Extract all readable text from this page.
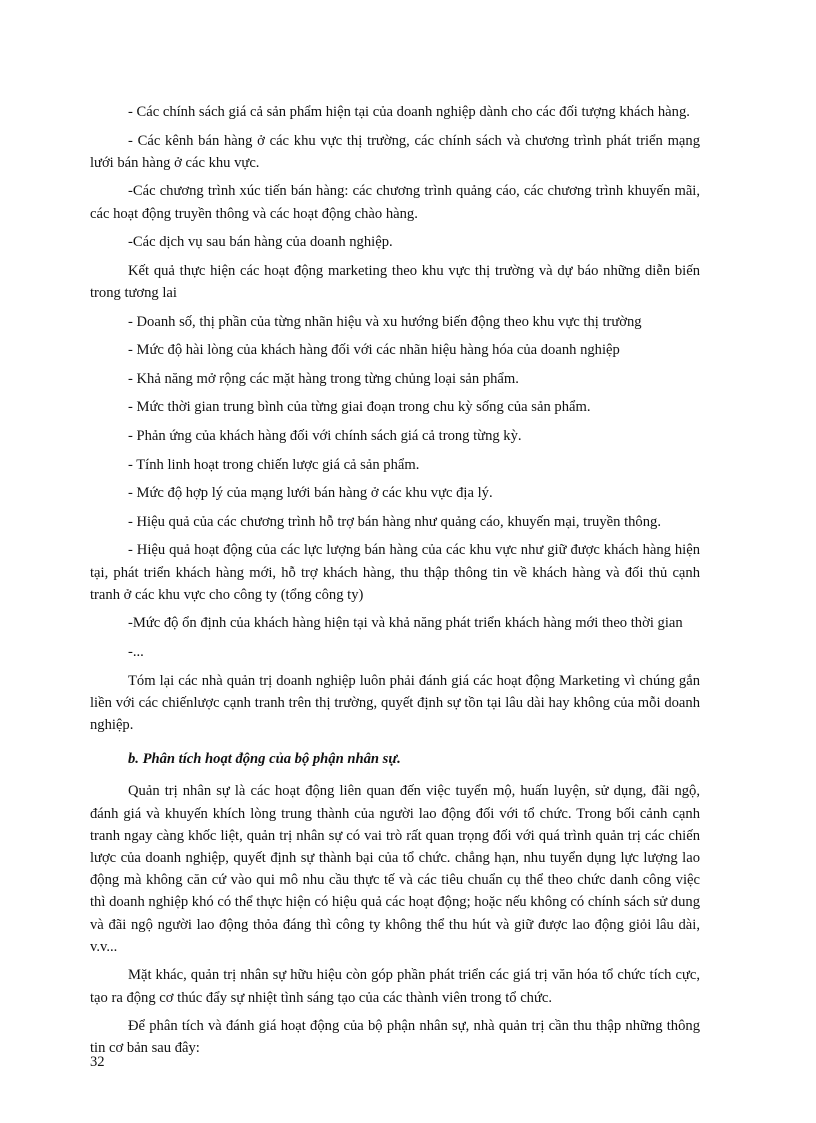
- Các chính sách giá cả sản phẩm hiện tại của doanh nghiệp dành cho các đối tượng khách hàng.

- Các kênh bán hàng ở các khu vực thị trường, các chính sách và chương trình phát triển mạng lưới bán hàng ở các khu vực.

-Các chương trình xúc tiến bán hàng: các chương trình quảng cáo, các chương trình khuyến mãi, các hoạt động truyền thông và các hoạt động chào hàng.

-Các dịch vụ sau bán hàng của doanh nghiệp.

Kết quả thực hiện các hoạt động marketing theo khu vực thị trường và dự báo những diễn biến trong tương lai

- Doanh số, thị phần của từng nhãn hiệu và xu hướng biến động theo khu vực thị trường

- Mức độ hài lòng của khách hàng đối với các nhãn hiệu hàng hóa của doanh nghiệp

- Khả năng mở rộng các mặt hàng trong từng chủng loại sản phẩm.

- Mức thời gian trung bình của từng giai đoạn trong chu kỳ sống của sản phẩm.

- Phản ứng của khách hàng đối với chính sách giá cả trong từng kỳ.

- Tính linh hoạt trong chiến lược giá cả sản phẩm.

- Mức độ hợp lý của mạng lưới bán hàng ở các khu vực địa lý.

- Hiệu quả của các chương trình hỗ trợ bán hàng như quảng cáo, khuyến mại, truyền thông.

- Hiệu quả hoạt động của các lực lượng bán hàng của các khu vực như giữ được khách hàng hiện tại, phát triển khách hàng mới, hỗ trợ khách hàng, thu thập thông tin về khách hàng và đối thủ cạnh tranh ở các khu vực cho công ty (tổng công ty)

-Mức độ ổn định của khách hàng hiện tại và khả năng phát triển khách hàng mới theo thời gian

-...

Tóm lại các nhà quản trị doanh nghiệp luôn phải đánh giá các hoạt động Marketing vì chúng gắn liền với các chiếnlược cạnh tranh trên thị trường, quyết định sự tồn tại lâu dài hay không của mỗi doanh nghiệp.

b. Phân tích hoạt động của bộ phận nhân sự.

Quản trị nhân sự là các hoạt động liên quan đến việc tuyển mộ, huấn luyện, sử dụng, đãi ngộ, đánh giá và khuyến khích lòng trung thành của người lao động đối với tổ chức. Trong bối cảnh cạnh tranh ngay càng khốc liệt, quản trị nhân sự có vai trò rất quan trọng đối với quá trình quản trị các chiến lược của doanh nghiệp, quyết định sự thành bại của tổ chức. chẳng hạn, nhu tuyển dụng lực lượng lao động mà không căn cứ vào qui mô nhu cầu thực tế và các tiêu chuẩn cụ thể theo chức danh công việc thì doanh nghiệp khó có thể thực hiện có hiệu quả các hoạt động; hoặc nếu không có chính sách sử dung và đãi ngộ người lao động thỏa đáng thì công ty không thể thu hút và giữ được lao động giỏi lâu dài, v.v...

Mặt khác, quản trị nhân sự hữu hiệu còn góp phần phát triển các giá trị văn hóa tổ chức tích cực, tạo ra động cơ thúc đẩy sự nhiệt tình sáng tạo của các thành viên trong tổ chức.

Để phân tích và đánh giá hoạt động của bộ phận nhân sự, nhà quản trị cần thu thập những thông tin cơ bản sau đây:

32
